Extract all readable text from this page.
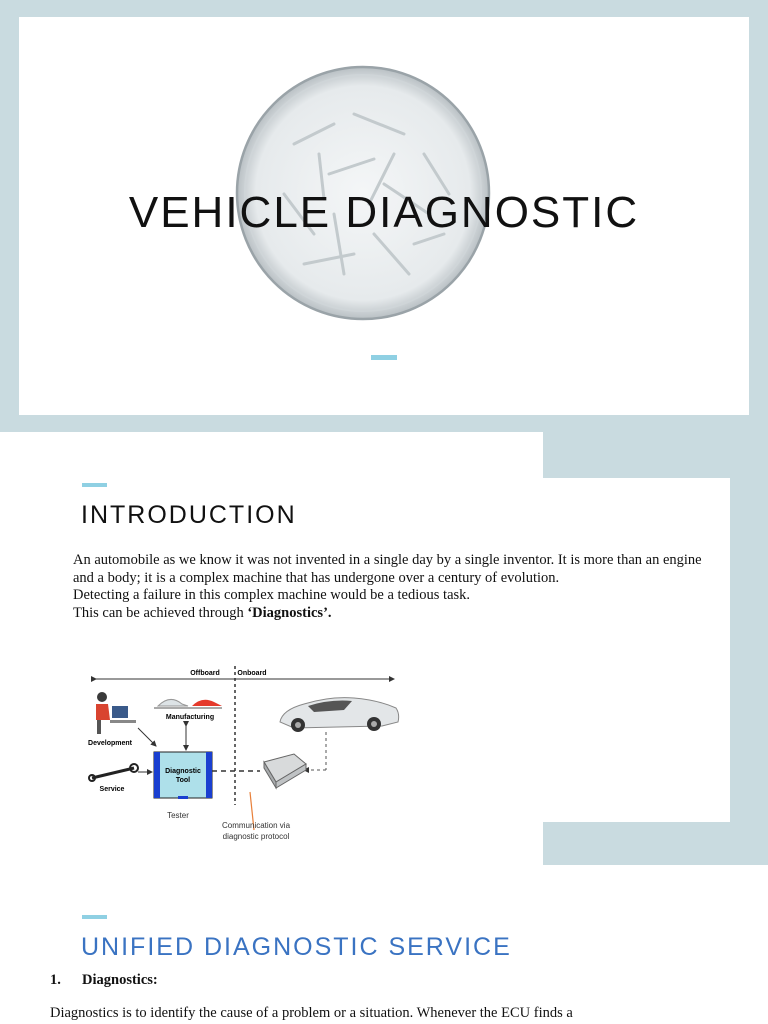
VEHICLE DIAGNOSTIC
INTRODUCTION

An automobile as we know it was not invented in a single day by a single inventor. It is more than an engine and a body; it is a complex machine that has undergone over a century of evolution.

Detecting a failure in this complex machine would be a tedious task.

This can be achieved through ‘Diagnostics’.

Offboard	Onboard
Manufacturing
Development
Service
Diagnostic
Tool
Tester
Communication via
diagnostic protocol
UNIFIED DIAGNOSTIC SERVICE
1. Diagnostics:
Diagnostics is to identify the cause of a problem or a situation. Whenever the ECU finds a
